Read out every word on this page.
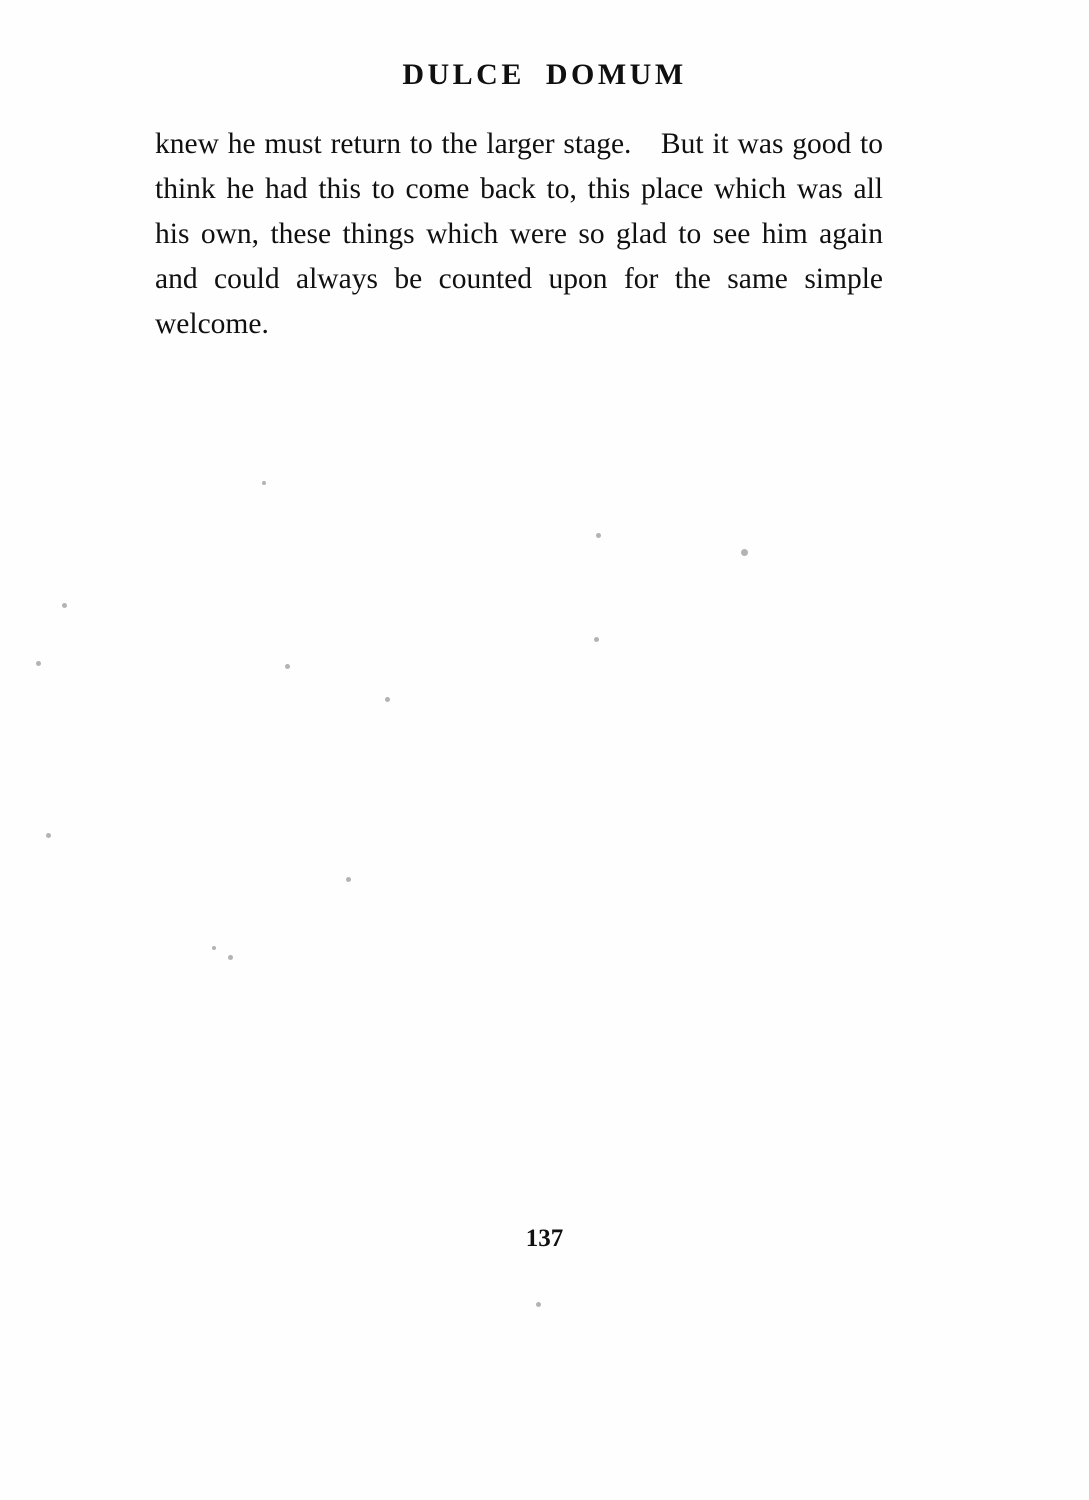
DULCE DOMUM

knew he must return to the larger stage. But it was good to think he had this to come back to, this place which was all his own, these things which were so glad to see him again and could always be counted upon for the same simple welcome.

137
